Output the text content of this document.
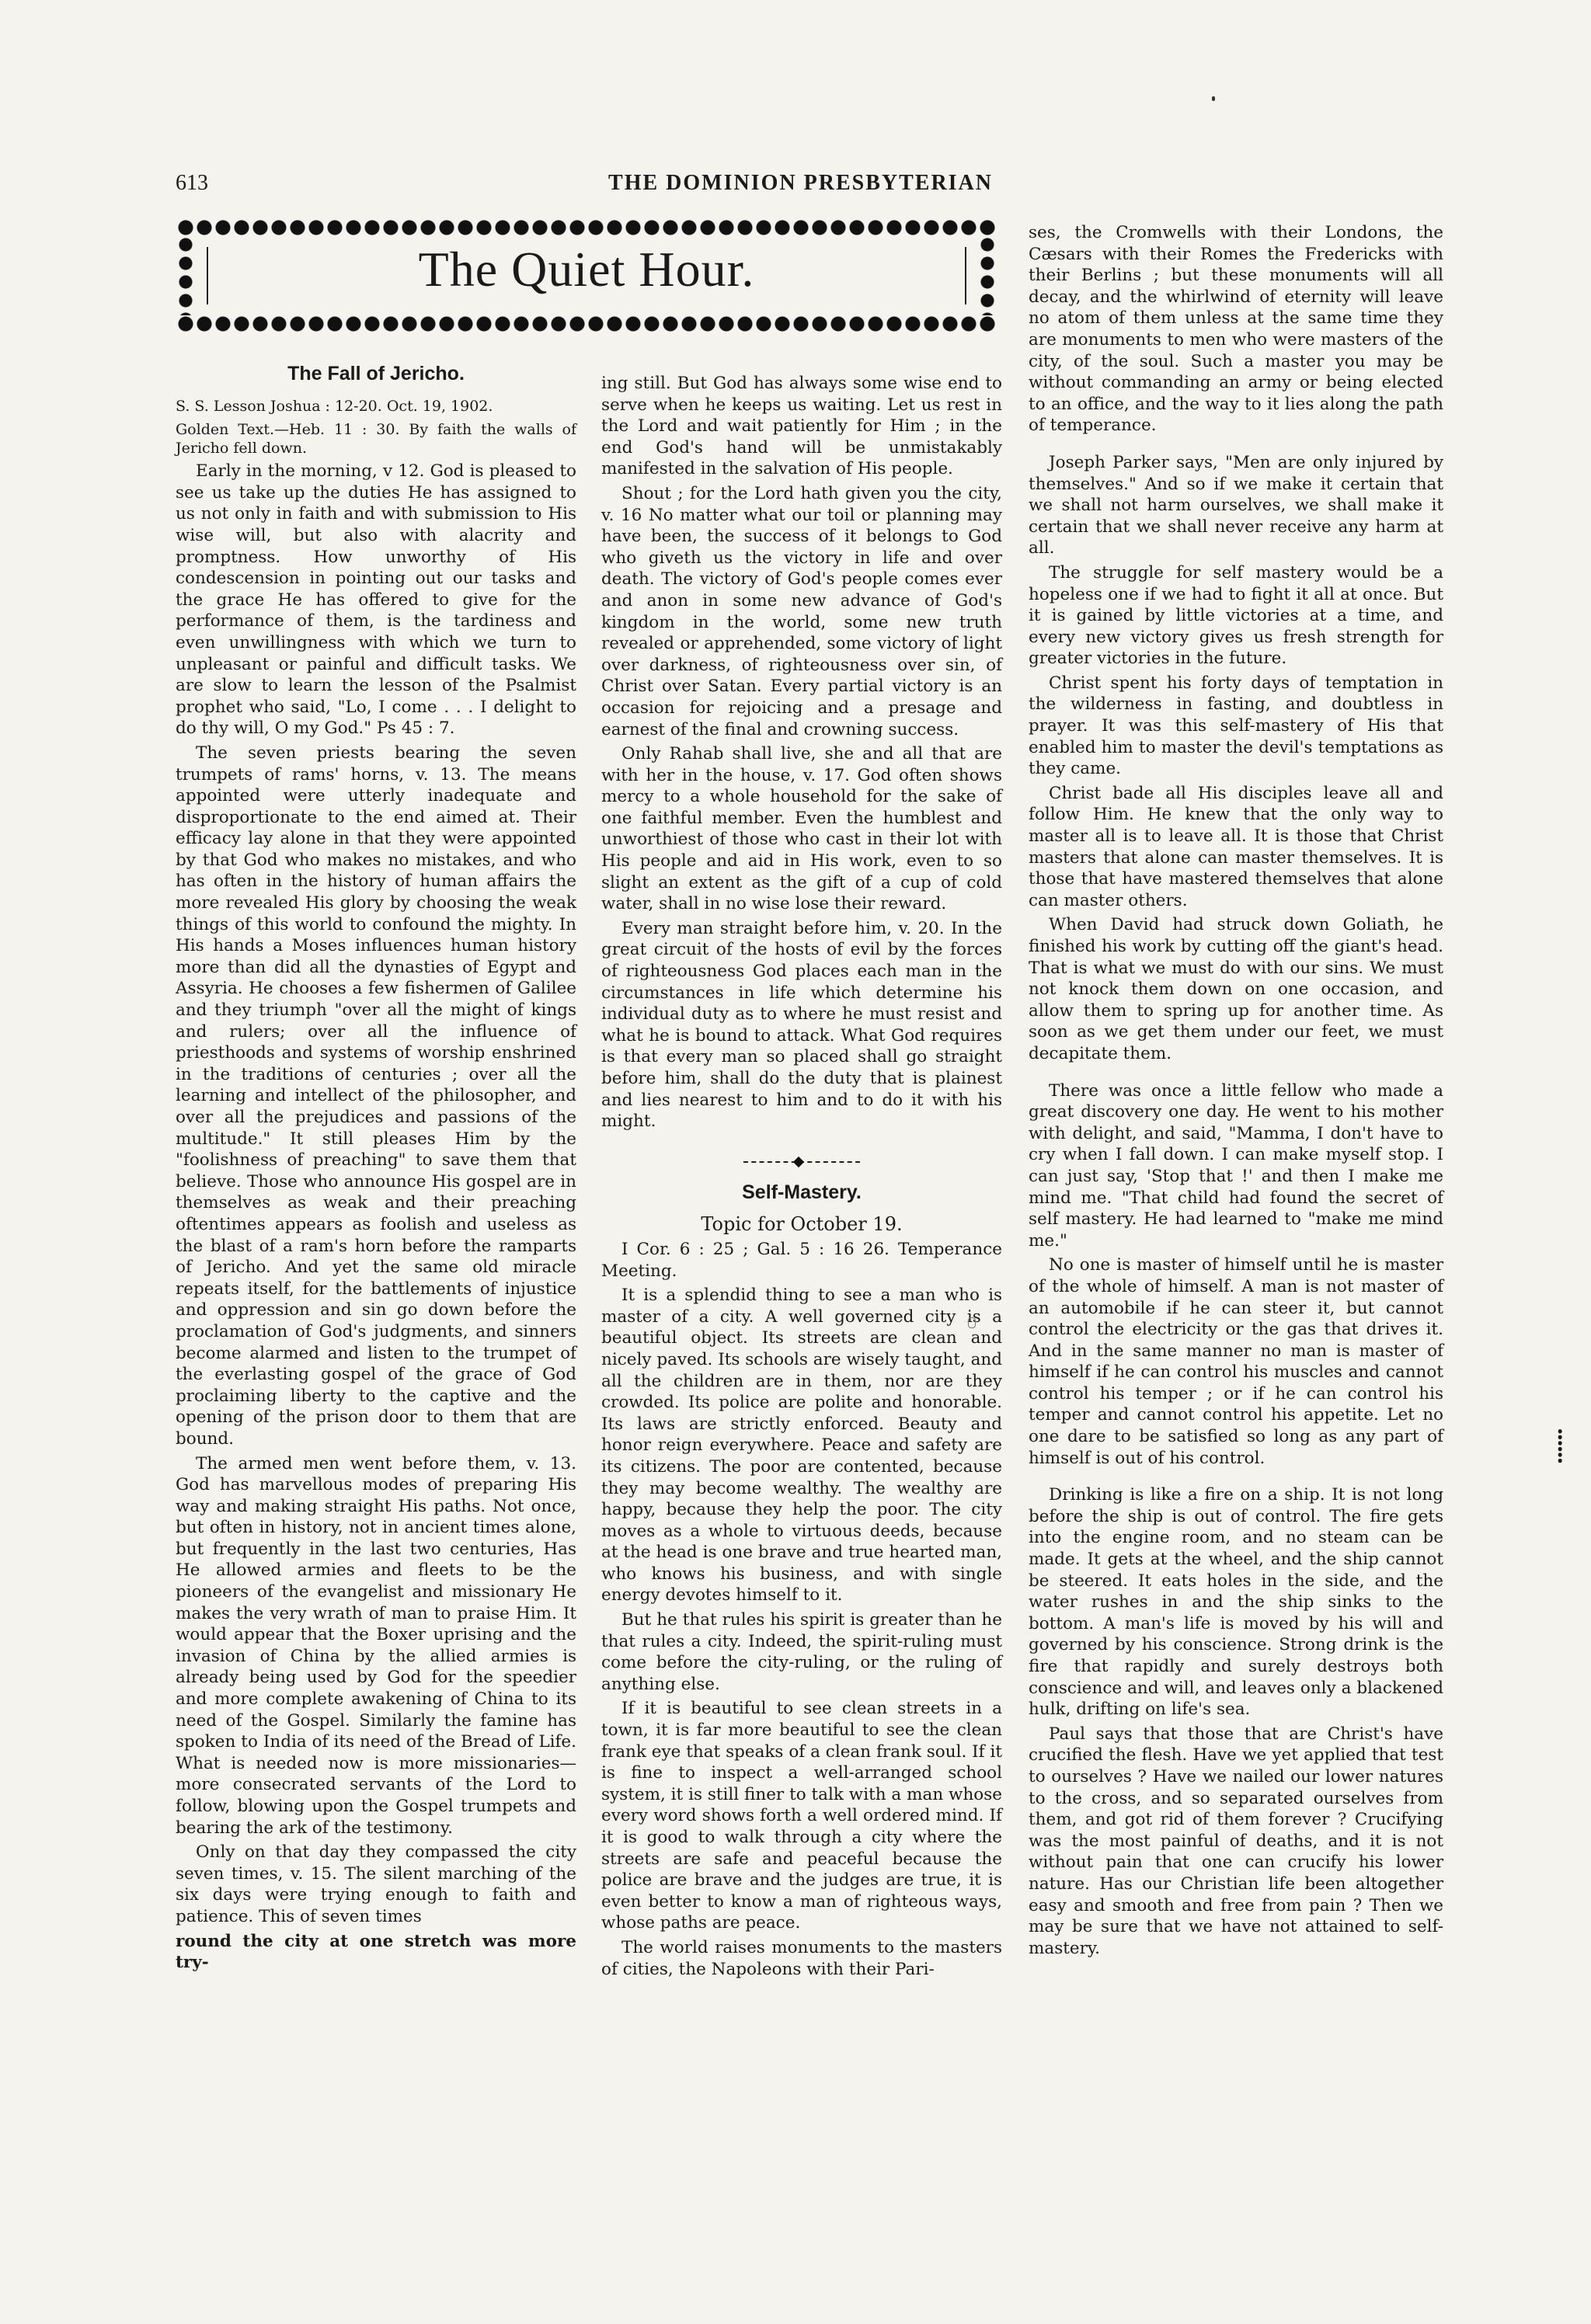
613	THE DOMINION PRESBYTERIAN
The Quiet Hour.
The Fall of Jericho.

S. S. Lesson Joshua : 12-20. Oct. 19, 1902.

Golden Text.—Heb. 11 : 30. By faith the walls of Jericho fell down.

Early in the morning, v 12. God is pleased to see us take up the duties He has assigned to us not only in faith and with submission to His wise will, but also with alacrity and promptness. How unworthy of His condescension in pointing out our tasks and the grace He has offered to give for the performance of them, is the tardiness and even unwillingness with which we turn to unpleasant or painful and difficult tasks. We are slow to learn the lesson of the Psalmist prophet who said, "Lo, I come . . . I delight to do thy will, O my God." Ps 45 : 7.

The seven priests bearing the seven trumpets of rams' horns, v. 13. The means appointed were utterly inadequate and disproportionate to the end aimed at. Their efficacy lay alone in that they were appointed by that God who makes no mistakes, and who has often in the history of human affairs the more revealed His glory by choosing the weak things of this world to confound the mighty. In His hands a Moses influences human history more than did all the dynasties of Egypt and Assyria. He chooses a few fishermen of Galilee and they triumph "over all the might of kings and rulers; over all the influence of priesthoods and systems of worship enshrined in the traditions of centuries ; over all the learning and intellect of the philosopher, and over all the prejudices and passions of the multitude." It still pleases Him by the "foolishness of preaching" to save them that believe. Those who announce His gospel are in themselves as weak and their preaching oftentimes appears as foolish and useless as the blast of a ram's horn before the ramparts of Jericho. And yet the same old miracle repeats itself, for the battlements of injustice and oppression and sin go down before the proclamation of God's judgments, and sinners become alarmed and listen to the trumpet of the everlasting gospel of the grace of God proclaiming liberty to the captive and the opening of the prison door to them that are bound.

The armed men went before them, v. 13. God has marvellous modes of preparing His way and making straight His paths. Not once, but often in history, not in ancient times alone, but frequently in the last two centuries, Has He allowed armies and fleets to be the pioneers of the evangelist and missionary He makes the very wrath of man to praise Him. It would appear that the Boxer uprising and the invasion of China by the allied armies is already being used by God for the speedier and more complete awakening of China to its need of the Gospel. Similarly the famine has spoken to India of its need of the Bread of Life. What is needed now is more missionaries—more consecrated servants of the Lord to follow, blowing upon the Gospel trumpets and bearing the ark of the testimony.

Only on that day they compassed the city seven times, v. 15. The silent marching of the six days were trying enough to faith and patience. This of seven times

round the city at one stretch was more try-

ing still. But God has always some wise end to serve when he keeps us waiting. Let us rest in the Lord and wait patiently for Him ; in the end God's hand will be unmistakably manifested in the salvation of His people.

Shout ; for the Lord hath given you the city, v. 16 No matter what our toil or planning may have been, the success of it belongs to God who giveth us the victory in life and over death. The victory of God's people comes ever and anon in some new advance of God's kingdom in the world, some new truth revealed or apprehended, some victory of light over darkness, of righteousness over sin, of Christ over Satan. Every partial victory is an occasion for rejoicing and a presage and earnest of the final and crowning success.

Only Rahab shall live, she and all that are with her in the house, v. 17. God often shows mercy to a whole household for the sake of one faithful member. Even the humblest and unworthiest of those who cast in their lot with His people and aid in His work, even to so slight an extent as the gift of a cup of cold water, shall in no wise lose their reward.

Every man straight before him, v. 20. In the great circuit of the hosts of evil by the forces of righteousness God places each man in the circumstances in life which determine his individual duty as to where he must resist and what he is bound to attack. What God requires is that every man so placed shall go straight before him, shall do the duty that is plainest and lies nearest to him and to do it with his might.

Self-Mastery.

Topic for October 19.

I Cor. 6 : 25 ; Gal. 5 : 16 26. Temperance Meeting.

It is a splendid thing to see a man who is master of a city. A well governed city is a beautiful object. Its streets are clean and nicely paved. Its schools are wisely taught, and all the children are in them, nor are they crowded. Its police are polite and honorable. Its laws are strictly enforced. Beauty and honor reign everywhere. Peace and safety are its citizens. The poor are contented, because they may become wealthy. The wealthy are happy, because they help the poor. The city moves as a whole to virtuous deeds, because at the head is one brave and true hearted man, who knows his business, and with single energy devotes himself to it.

But he that rules his spirit is greater than he that rules a city. Indeed, the spirit-ruling must come before the city-ruling, or the ruling of anything else.

If it is beautiful to see clean streets in a town, it is far more beautiful to see the clean frank eye that speaks of a clean frank soul. If it is fine to inspect a well-arranged school system, it is still finer to talk with a man whose every word shows forth a well ordered mind. If it is good to walk through a city where the streets are safe and peaceful because the police are brave and the judges are true, it is even better to know a man of righteous ways, whose paths are peace.

The world raises monuments to the masters of cities, the Napoleons with their Pari-

ses, the Cromwells with their Londons, the Cæsars with their Romes the Fredericks with their Berlins ; but these monuments will all decay, and the whirlwind of eternity will leave no atom of them unless at the same time they are monuments to men who were masters of the city, of the soul. Such a master you may be without commanding an army or being elected to an office, and the way to it lies along the path of temperance.

Joseph Parker says, "Men are only injured by themselves." And so if we make it certain that we shall not harm ourselves, we shall make it certain that we shall never receive any harm at all.

The struggle for self mastery would be a hopeless one if we had to fight it all at once. But it is gained by little victories at a time, and every new victory gives us fresh strength for greater victories in the future.

Christ spent his forty days of temptation in the wilderness in fasting, and doubtless in prayer. It was this self-mastery of His that enabled him to master the devil's temptations as they came.

Christ bade all His disciples leave all and follow Him. He knew that the only way to master all is to leave all. It is those that Christ masters that alone can master themselves. It is those that have mastered themselves that alone can master others.

When David had struck down Goliath, he finished his work by cutting off the giant's head. That is what we must do with our sins. We must not knock them down on one occasion, and allow them to spring up for another time. As soon as we get them under our feet, we must decapitate them.

There was once a little fellow who made a great discovery one day. He went to his mother with delight, and said, "Mamma, I don't have to cry when I fall down. I can make myself stop. I can just say, 'Stop that !' and then I make me mind me. "That child had found the secret of self mastery. He had learned to "make me mind me."

No one is master of himself until he is master of the whole of himself. A man is not master of an automobile if he can steer it, but cannot control the electricity or the gas that drives it. And in the same manner no man is master of himself if he can control his muscles and cannot control his temper ; or if he can control his temper and cannot control his appetite. Let no one dare to be satisfied so long as any part of himself is out of his control.

Drinking is like a fire on a ship. It is not long before the ship is out of control. The fire gets into the engine room, and no steam can be made. It gets at the wheel, and the ship cannot be steered. It eats holes in the side, and the water rushes in and the ship sinks to the bottom. A man's life is moved by his will and governed by his conscience. Strong drink is the fire that rapidly and surely destroys both conscience and will, and leaves only a blackened hulk, drifting on life's sea.

Paul says that those that are Christ's have crucified the flesh. Have we yet applied that test to ourselves ? Have we nailed our lower natures to the cross, and so separated ourselves from them, and got rid of them forever ? Crucifying was the most painful of deaths, and it is not without pain that one can crucify his lower nature. Has our Christian life been altogether easy and smooth and free from pain ? Then we may be sure that we have not attained to self-mastery.

⸽
